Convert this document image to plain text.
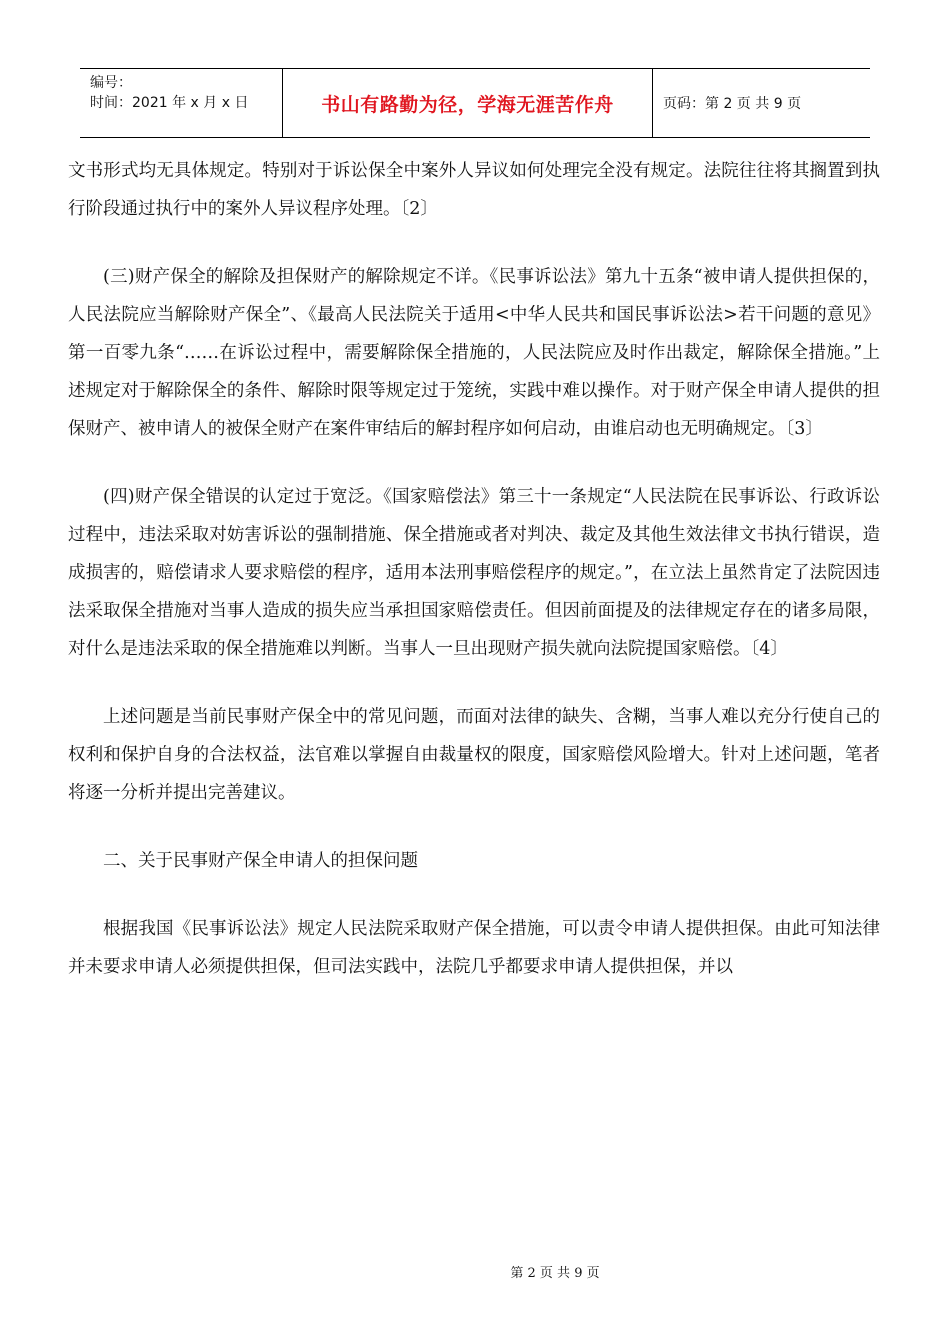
编号：
时间：2021 年 x 月 x 日	书山有路勤为径，学海无涯苦作舟	页码：第 2 页 共 9 页

文书形式均无具体规定。特别对于诉讼保全中案外人异议如何处理完全没有规定。法院往往将其搁置到执行阶段通过执行中的案外人异议程序处理。〔2〕

(三)财产保全的解除及担保财产的解除规定不详。《民事诉讼法》第九十五条“被申请人提供担保的，人民法院应当解除财产保全”、《最高人民法院关于适用<中华人民共和国民事诉讼法>若干问题的意见》第一百零九条“……在诉讼过程中，需要解除保全措施的，人民法院应及时作出裁定，解除保全措施。”上述规定对于解除保全的条件、解除时限等规定过于笼统，实践中难以操作。对于财产保全申请人提供的担保财产、被申请人的被保全财产在案件审结后的解封程序如何启动，由谁启动也无明确规定。〔3〕

(四)财产保全错误的认定过于宽泛。《国家赔偿法》第三十一条规定“人民法院在民事诉讼、行政诉讼过程中，违法采取对妨害诉讼的强制措施、保全措施或者对判决、裁定及其他生效法律文书执行错误，造成损害的，赔偿请求人要求赔偿的程序，适用本法刑事赔偿程序的规定。”，在立法上虽然肯定了法院因违法采取保全措施对当事人造成的损失应当承担国家赔偿责任。但因前面提及的法律规定存在的诸多局限，对什么是违法采取的保全措施难以判断。当事人一旦出现财产损失就向法院提国家赔偿。〔4〕

上述问题是当前民事财产保全中的常见问题，而面对法律的缺失、含糊，当事人难以充分行使自己的权利和保护自身的合法权益，法官难以掌握自由裁量权的限度，国家赔偿风险增大。针对上述问题，笔者将逐一分析并提出完善建议。

二、关于民事财产保全申请人的担保问题

根据我国《民事诉讼法》规定人民法院采取财产保全措施，可以责令申请人提供担保。由此可知法律并未要求申请人必须提供担保，但司法实践中，法院几乎都要求申请人提供担保，并以

第 2 页 共 9 页
